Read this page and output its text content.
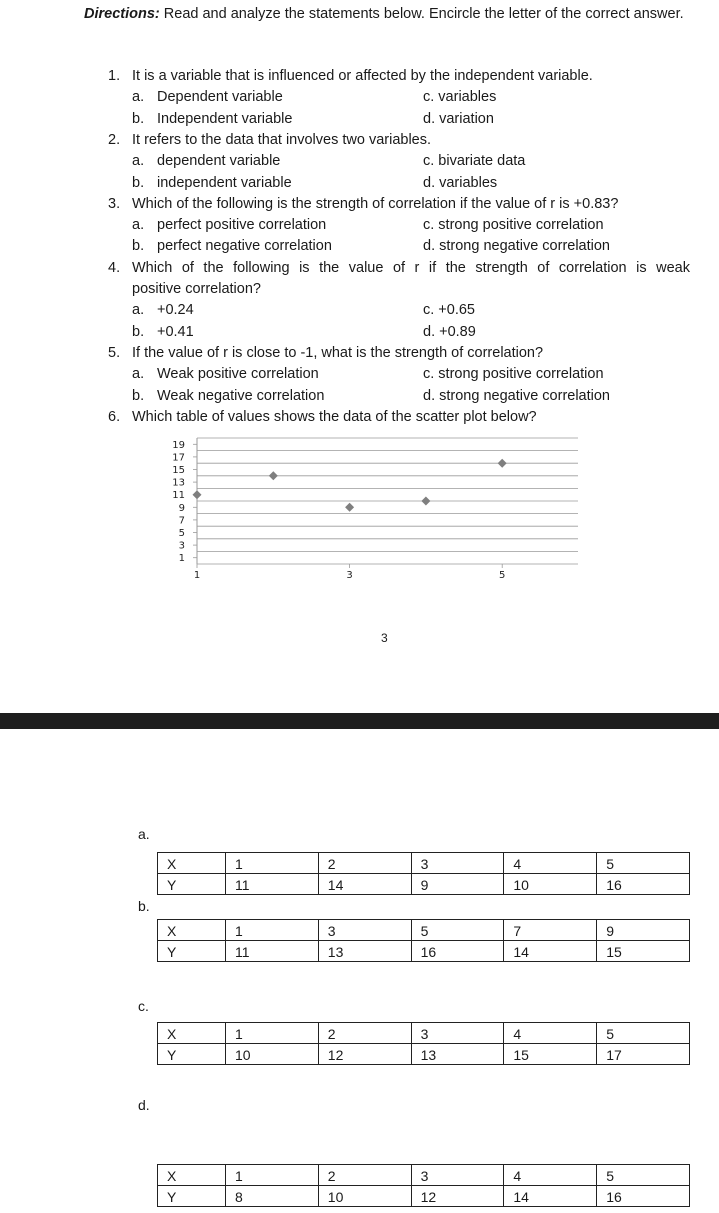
Directions: Read and analyze the statements below. Encircle the letter of the correct answer.
1. It is a variable that is influenced or affected by the independent variable.
a. Dependent variable	c. variables
b. Independent variable	d. variation
2. It refers to the data that involves two variables.
a. dependent variable	c. bivariate data
b. independent variable	d. variables
3. Which of the following is the strength of correlation if the value of r is +0.83?
a. perfect positive correlation	c. strong positive correlation
b. perfect negative correlation	d. strong negative correlation
4. Which of the following is the value of r if the strength of correlation is weak
positive correlation?
a. +0.24	c. +0.65
b. +0.41	d. +0.89
5. If the value of r is close to -1, what is the strength of correlation?
a. Weak positive correlation	c. strong positive correlation
b. Weak negative correlation	d. strong negative correlation
6. Which table of values shows the data of the scatter plot below?
1
3
5
7
9
11
13
15
17
19
1	3	5
3
a.
X	1	2	3	4	5
Y	11	14	9	10	16
b.
X	1	3	5	7	9
Y	11	13	16	14	15
c.
X	1	2	3	4	5
Y	10	12	13	15	17
d.
X	1	2	3	4	5
Y	8	10	12	14	16
